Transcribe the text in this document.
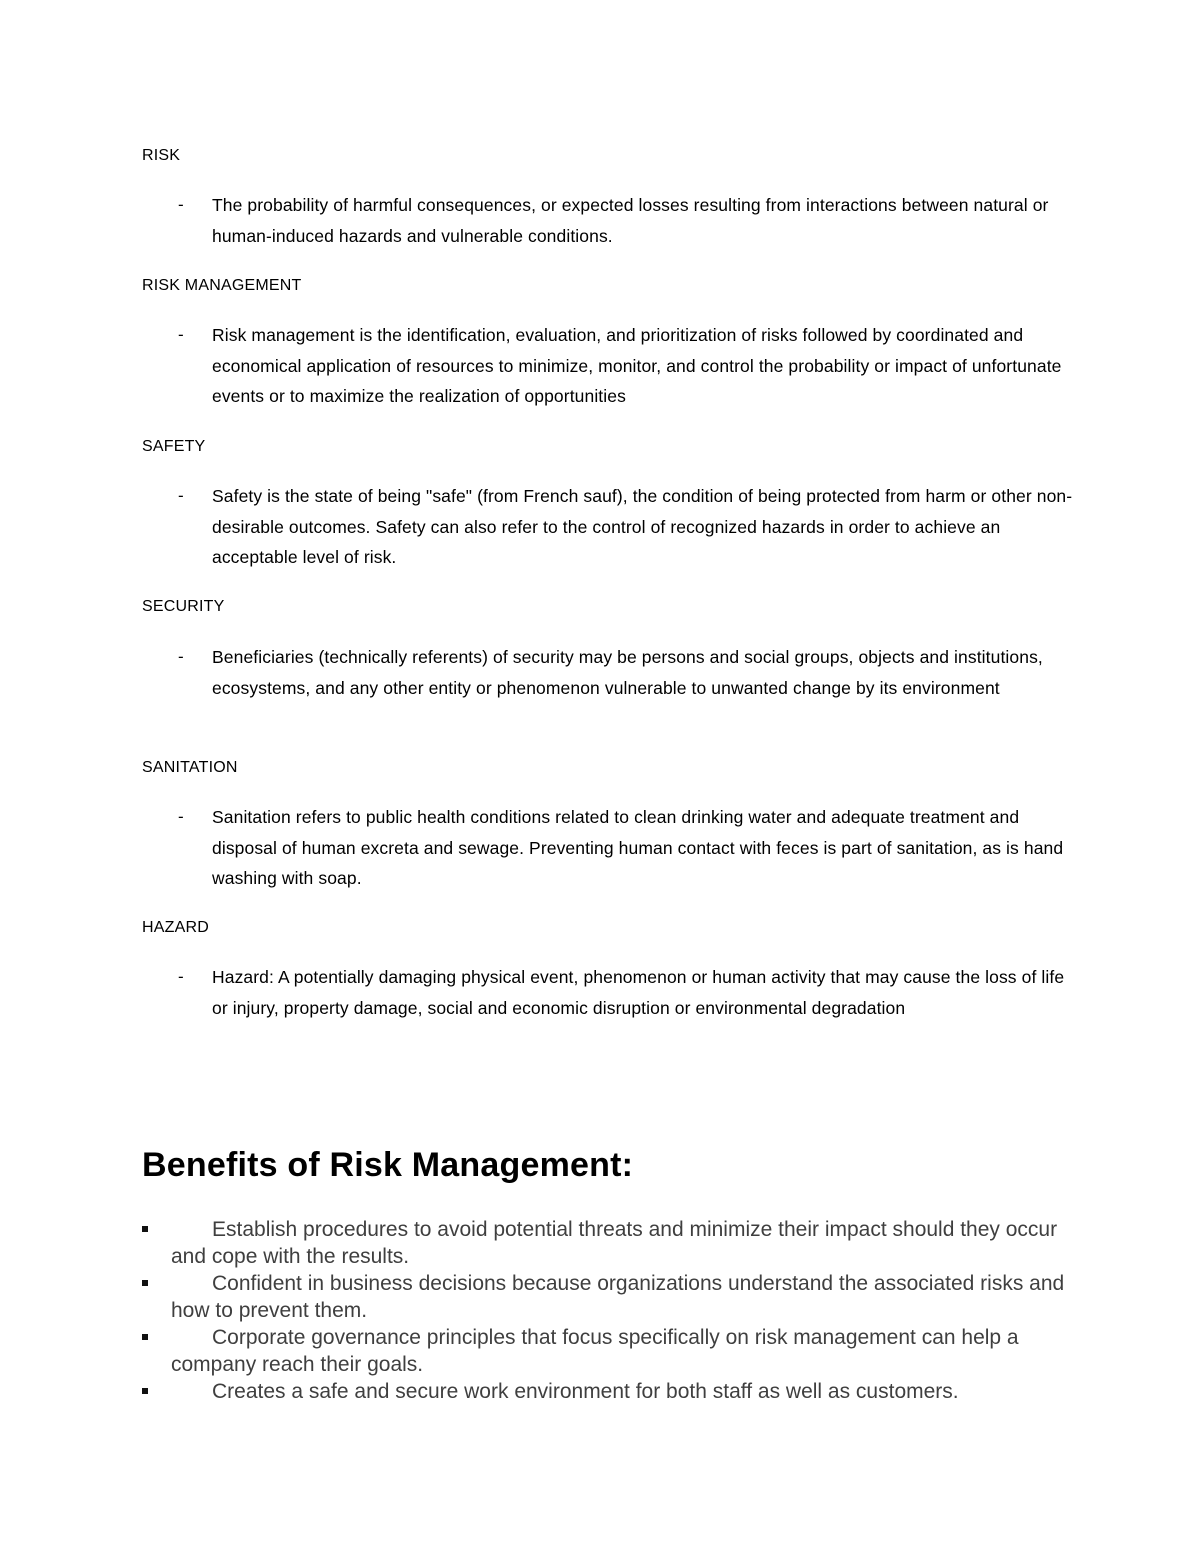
RISK
- The probability of harmful consequences, or expected losses resulting from interactions between natural or human-induced hazards and vulnerable conditions.
RISK MANAGEMENT
- Risk management is the identification, evaluation, and prioritization of risks followed by coordinated and economical application of resources to minimize, monitor, and control the probability or impact of unfortunate events or to maximize the realization of opportunities
SAFETY
- Safety is the state of being "safe" (from French sauf), the condition of being protected from harm or other non-desirable outcomes. Safety can also refer to the control of recognized hazards in order to achieve an acceptable level of risk.
SECURITY
- Beneficiaries (technically referents) of security may be persons and social groups, objects and institutions, ecosystems, and any other entity or phenomenon vulnerable to unwanted change by its environment
SANITATION
- Sanitation refers to public health conditions related to clean drinking water and adequate treatment and disposal of human excreta and sewage. Preventing human contact with feces is part of sanitation, as is hand washing with soap.
HAZARD
- Hazard: A potentially damaging physical event, phenomenon or human activity that may cause the loss of life or injury, property damage, social and economic disruption or environmental degradation
Benefits of Risk Management:
Establish procedures to avoid potential threats and minimize their impact should they occur and cope with the results.
Confident in business decisions because organizations understand the associated risks and how to prevent them.
Corporate governance principles that focus specifically on risk management can help a company reach their goals.
Creates a safe and secure work environment for both staff as well as customers.
